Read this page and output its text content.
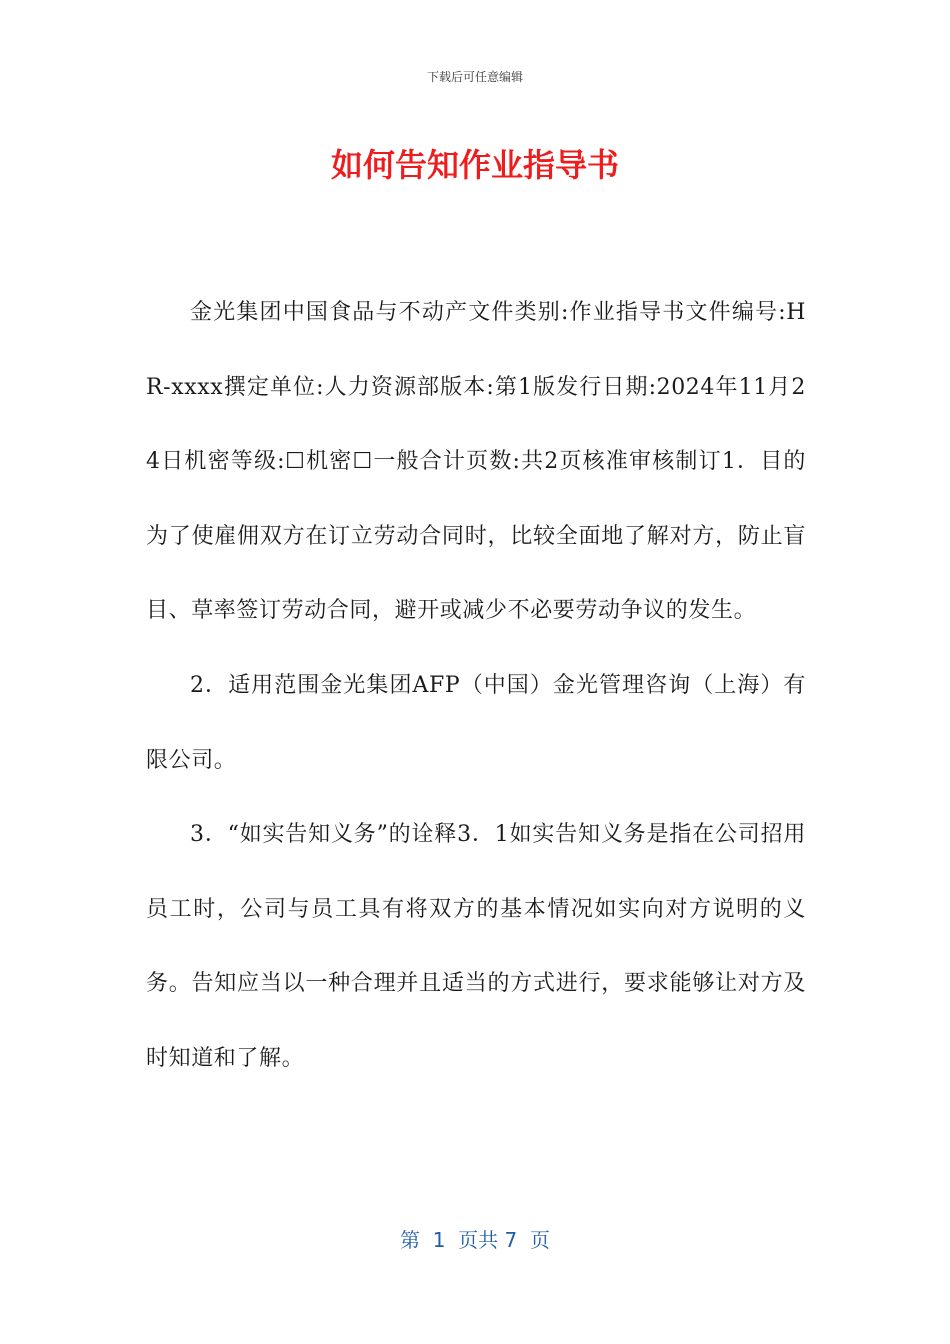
下载后可任意编辑
如何告知作业指导书

金光集团中国食品与不动产文件类别:作业指导书文件编号:HR-xxxx撰定单位:人力资源部版本:第1版发行日期:2024年11月24日机密等级:☐机密☐一般合计页数:共2页核准审核制订1．目的为了使雇佣双方在订立劳动合同时，比较全面地了解对方，防止盲目、草率签订劳动合同，避开或减少不必要劳动争议的发生。

2．适用范围金光集团AFP（中国）金光管理咨询（上海）有限公司。

3．“如实告知义务”的诠释3．1如实告知义务是指在公司招用员工时，公司与员工具有将双方的基本情况如实向对方说明的义务。告知应当以一种合理并且适当的方式进行，要求能够让对方及时知道和了解。

第  1  页共 7  页
